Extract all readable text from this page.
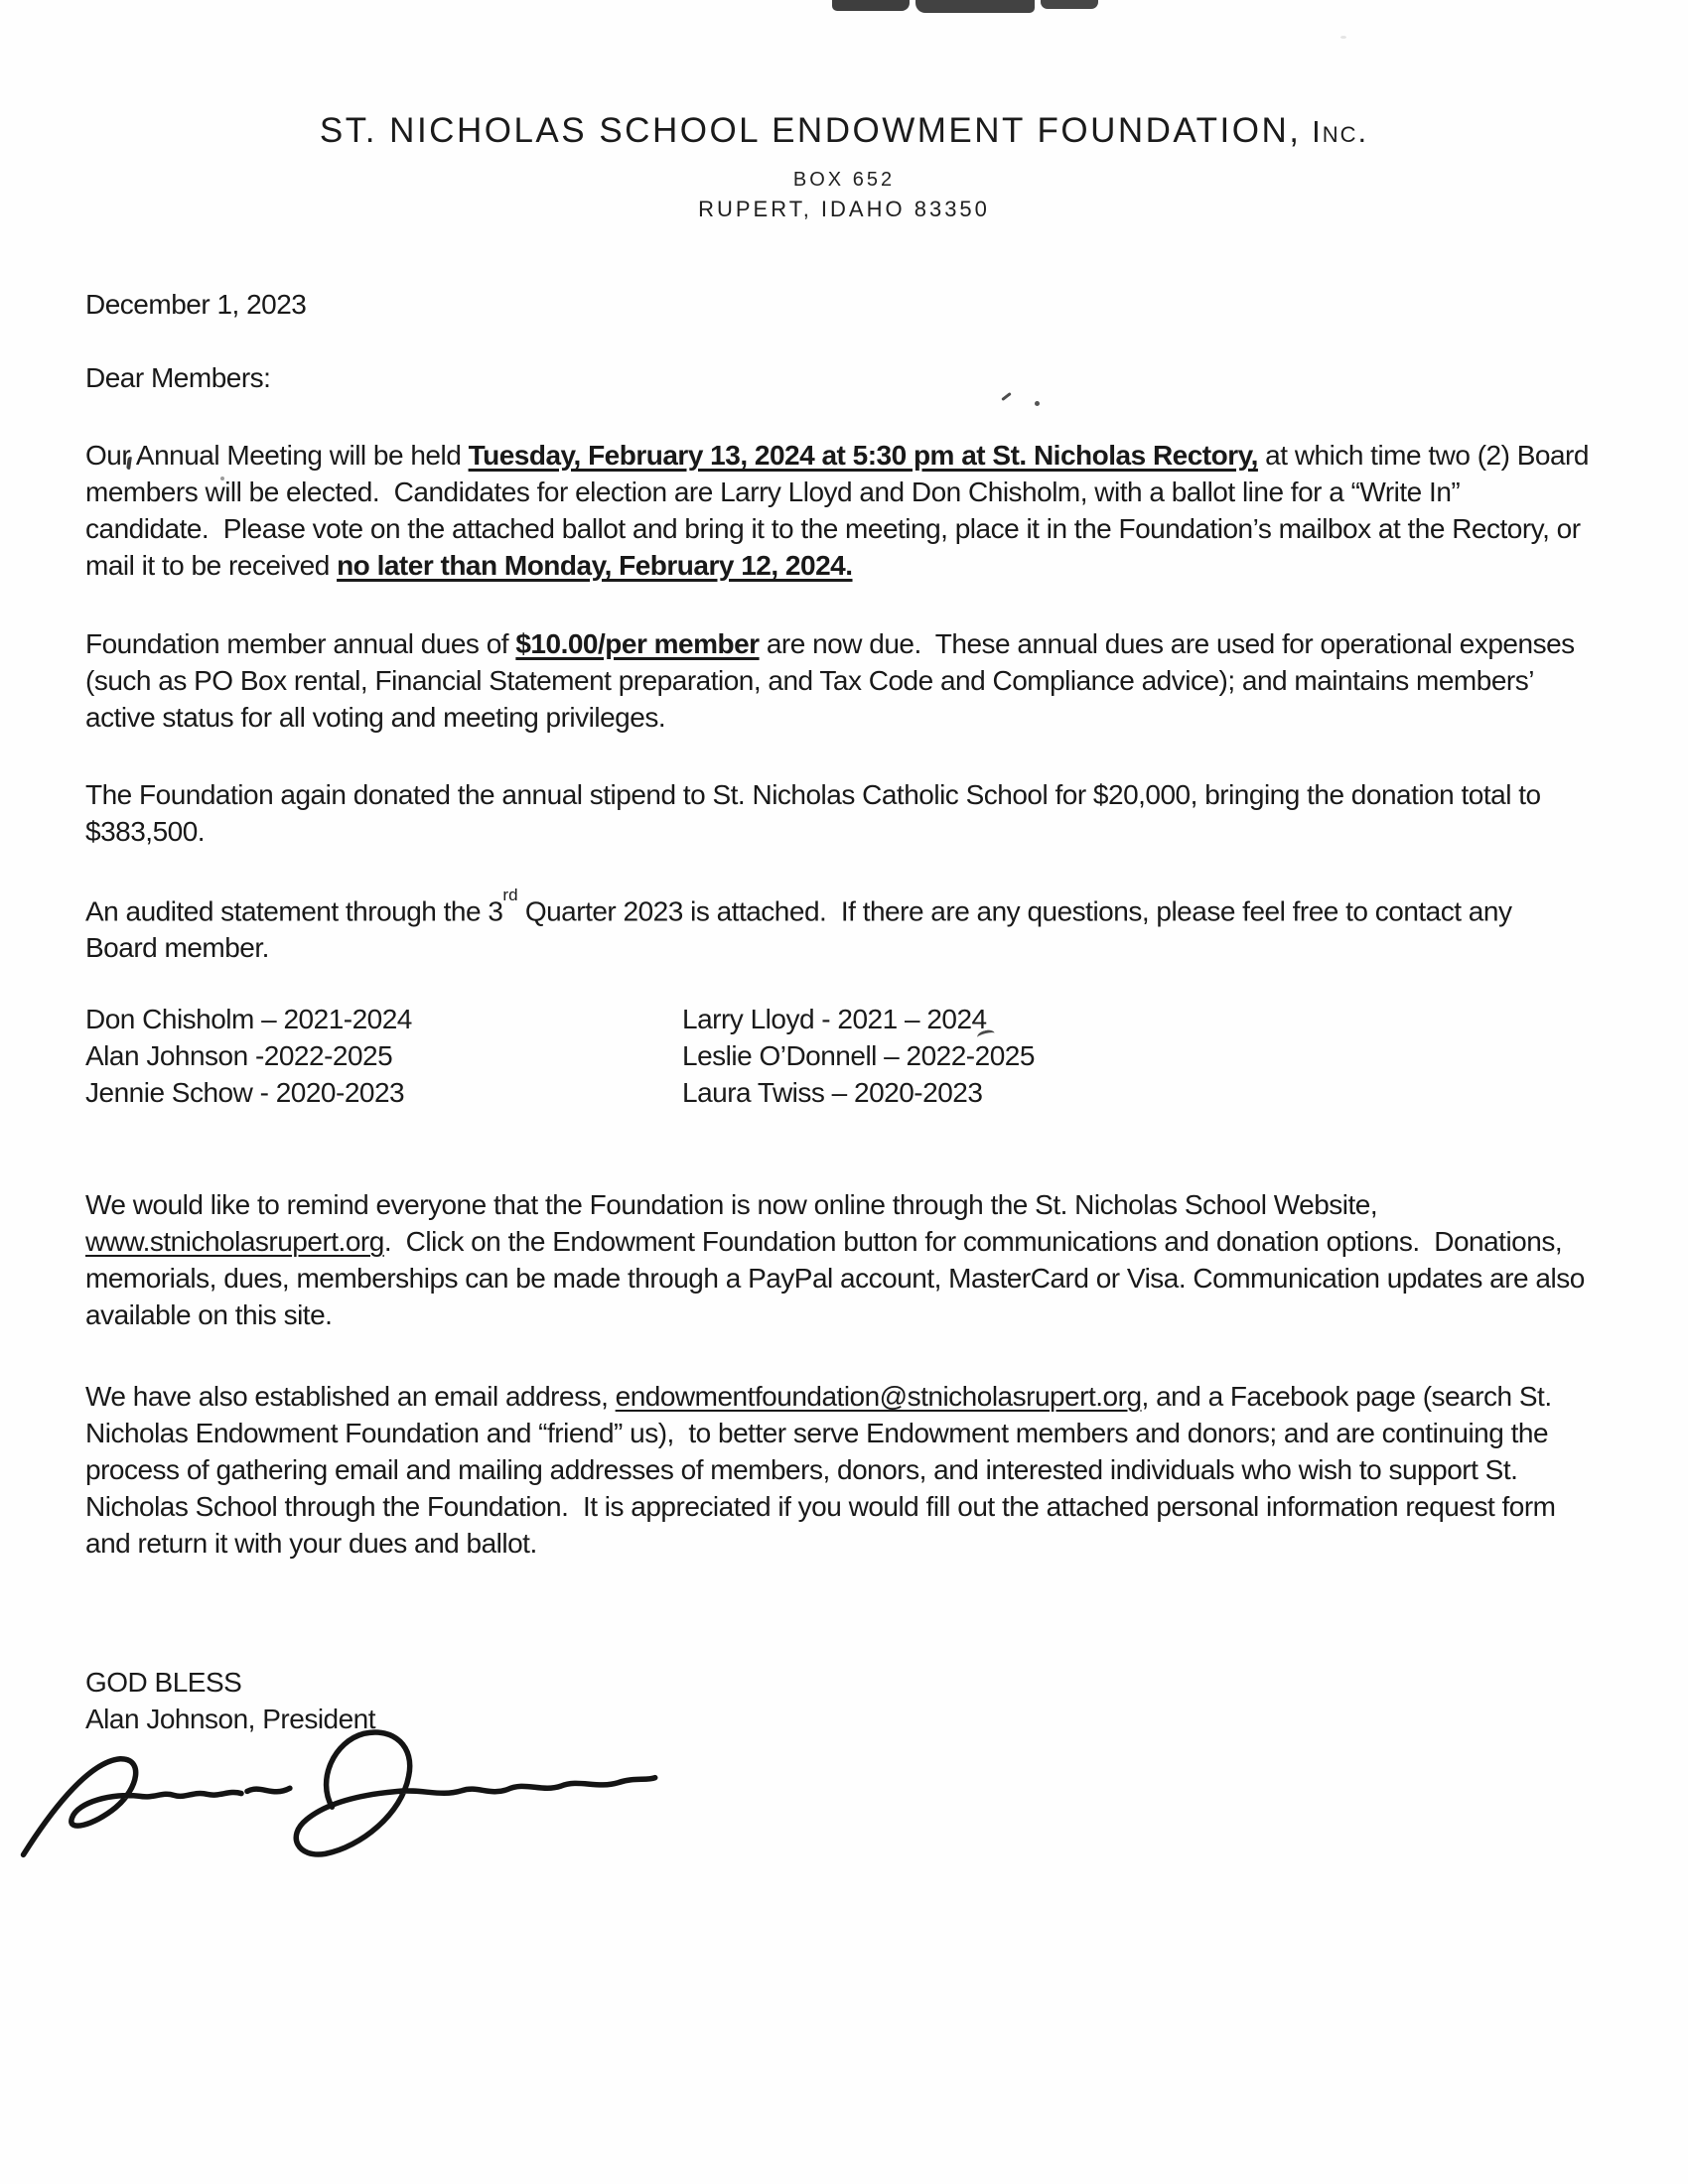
ST. NICHOLAS SCHOOL ENDOWMENT FOUNDATION, Inc.
BOX 652
RUPERT, IDAHO 83350
December 1, 2023
Dear Members:

Our Annual Meeting will be held Tuesday, February 13, 2024 at 5:30 pm at St. Nicholas Rectory, at which time two (2) Board members will be elected.  Candidates for election are Larry Lloyd and Don Chisholm, with a ballot line for a “Write In” candidate.  Please vote on the attached ballot and bring it to the meeting, place it in the Foundation’s mailbox at the Rectory, or mail it to be received no later than Monday, February 12, 2024.

Foundation member annual dues of $10.00/per member are now due.  These annual dues are used for operational expenses (such as PO Box rental, Financial Statement preparation, and Tax Code and Compliance advice); and maintains members’ active status for all voting and meeting privileges.

The Foundation again donated the annual stipend to St. Nicholas Catholic School for $20,000, bringing the donation total to $383,500.

An audited statement through the 3rd Quarter 2023 is attached.  If there are any questions, please feel free to contact any Board member.

Don Chisholm – 2021-2024
Alan Johnson -2022-2025
Jennie Schow - 2020-2023
Larry Lloyd - 2021 – 2024
Leslie O’Donnell – 2022-2025
Laura Twiss – 2020-2023

We would like to remind everyone that the Foundation is now online through the St. Nicholas School Website, www.stnicholasrupert.org.  Click on the Endowment Foundation button for communications and donation options.  Donations, memorials, dues, memberships can be made through a PayPal account, MasterCard or Visa. Communication updates are also available on this site.

We have also established an email address, endowmentfoundation@stnicholasrupert.org, and a Facebook page (search St. Nicholas Endowment Foundation and “friend” us),  to better serve Endowment members and donors; and are continuing the process of gathering email and mailing addresses of members, donors, and interested individuals who wish to support St. Nicholas School through the Foundation.  It is appreciated if you would fill out the attached personal information request form and return it with your dues and ballot.

GOD BLESS
Alan Johnson, President
